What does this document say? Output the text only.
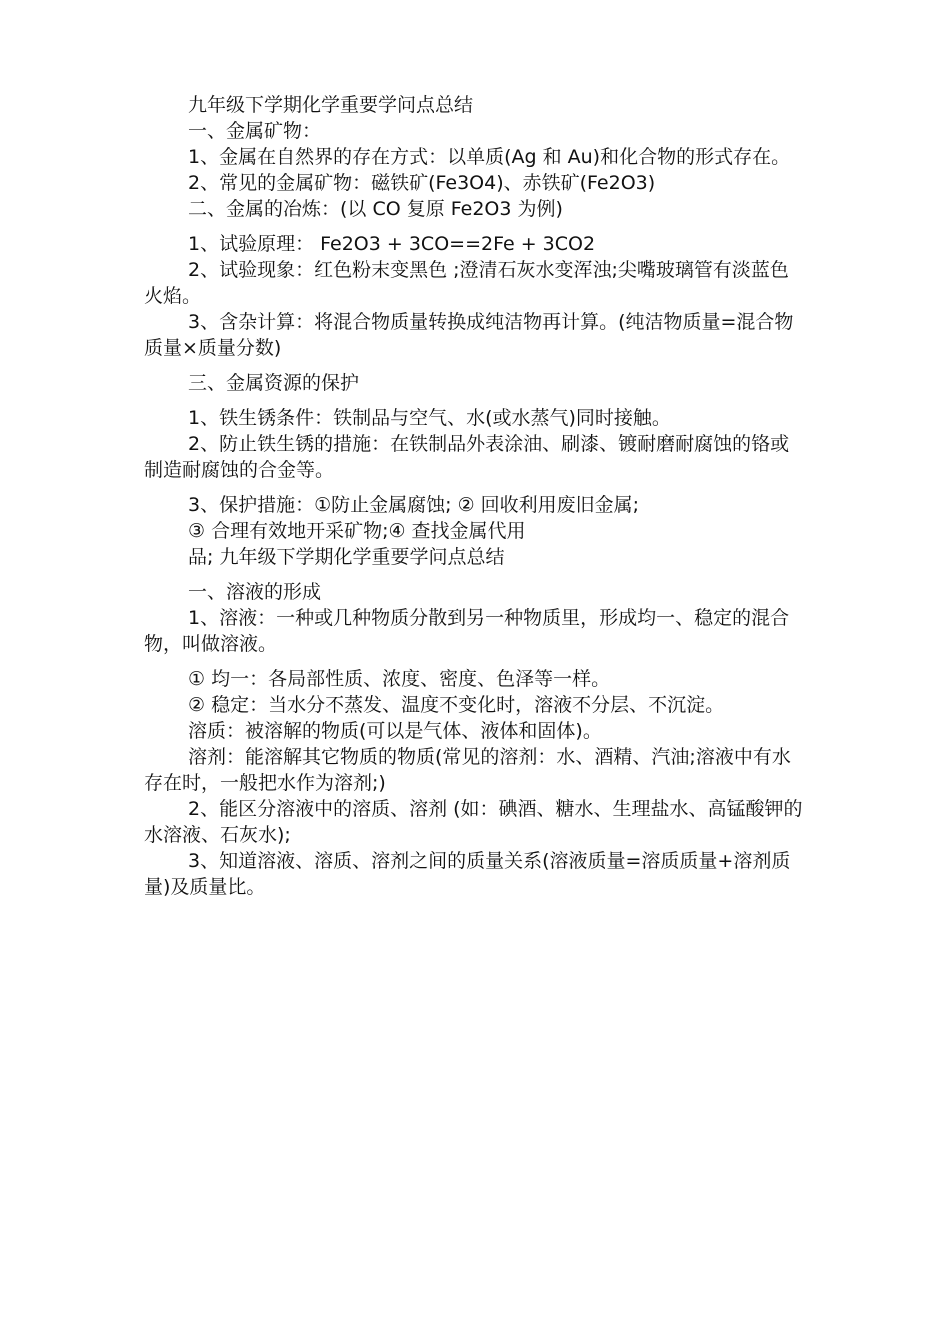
九年级下学期化学重要学问点总结

一、金属矿物：

1、金属在自然界的存在方式：以单质(Ag 和 Au)和化合物的形式存在。

2、常见的金属矿物：磁铁矿(Fe3O4)、赤铁矿(Fe2O3)

二、金属的冶炼：(以 CO 复原 Fe2O3 为例)

1、试验原理： Fe2O3 + 3CO==2Fe + 3CO2

2、试验现象：红色粉末变黑色 ;澄清石灰水变浑浊;尖嘴玻璃管有淡蓝色火焰。

3、含杂计算：将混合物质量转换成纯洁物再计算。(纯洁物质量=混合物质量×质量分数)

三、金属资源的保护

1、铁生锈条件：铁制品与空气、水(或水蒸气)同时接触。

2、防止铁生锈的措施：在铁制品外表涂油、刷漆、镀耐磨耐腐蚀的铬或制造耐腐蚀的合金等。

3、保护措施：①防止金属腐蚀; ② 回收利用废旧金属;

③ 合理有效地开采矿物;④ 查找金属代用

品; 九年级下学期化学重要学问点总结

一、溶液的形成

1、溶液：一种或几种物质分散到另一种物质里，形成均一、稳定的混合物，叫做溶液。

① 均一：各局部性质、浓度、密度、色泽等一样。

② 稳定：当水分不蒸发、温度不变化时，溶液不分层、不沉淀。

溶质：被溶解的物质(可以是气体、液体和固体)。

溶剂：能溶解其它物质的物质(常见的溶剂：水、酒精、汽油;溶液中有水存在时，一般把水作为溶剂;)

2、能区分溶液中的溶质、溶剂 (如：碘酒、糖水、生理盐水、高锰酸钾的水溶液、石灰水);

3、知道溶液、溶质、溶剂之间的质量关系(溶液质量=溶质质量+溶剂质量)及质量比。
